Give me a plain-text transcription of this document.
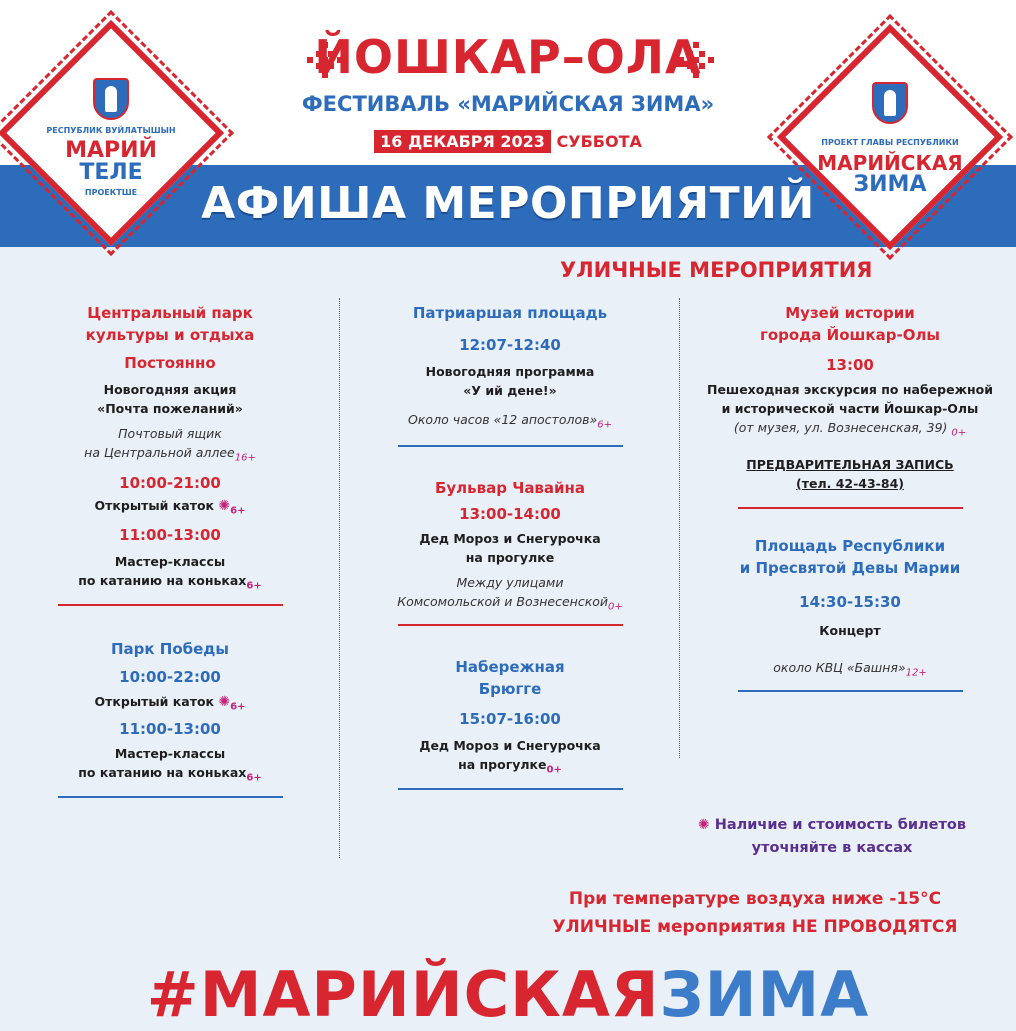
ЙОШКАР–ОЛА
ФЕСТИВАЛЬ «МАРИЙСКАЯ ЗИМА»
16 ДЕКАБРЯ 2023 СУББОТА
АФИША МЕРОПРИЯТИЙ
РЕСПУБЛИК ВУЙЛАТЫШЫН
МАРИЙ
ТЕЛЕ
ПРОЕКТШЕ
ПРОЕКТ ГЛАВЫ РЕСПУБЛИКИ
МАРИЙСКАЯ
ЗИМА
УЛИЧНЫЕ МЕРОПРИЯТИЯ
Центральный парк
культуры и отдыха
Постоянно
Новогодняя акция
«Почта пожеланий»
Почтовый ящик
на Центральной аллее$_{16+}$
10:00-21:00
Открытый каток $✺_{6+}$
11:00-13:00
Мастер-классы
по катанию на коньках$_{6+}$
Парк Победы
10:00-22:00
Открытый каток $✺_{6+}$
11:00-13:00
Мастер-классы
по катанию на коньках$_{6+}$
Патриаршая площадь
12:07-12:40
Новогодняя программа
«У ий дене!»
Около часов «12 $апостолов»_{6+}$
Бульвар Чавайна
13:00-14:00
Дед Мороз и Снегурочка
на прогулке
Между улицами
Комсомольской и Вознесенской$_{0+}$
Набережная
Брюгге
15:07-16:00
Дед Мороз и Снегурочка
на прогулке$_{0+}$
Музей истории
города Йошкар-Олы
13:00
Пешеходная экскурсия по набережной
и исторической части Йошкар-Олы
(от музея, ул. Вознесенская, 39) $_{0+}$
ПРЕДВАРИТЕЛЬНАЯ ЗАПИСЬ
(тел. 42-43-84)
Площадь Республики
и Пресвятой Девы Марии
14:30-15:30
Концерт
около КВЦ «$Башня»_{12+}$
✺ Наличие и стоимость билетов
уточняйте в кассах
При температуре воздуха ниже -15°С
УЛИЧНЫЕ мероприятия НЕ ПРОВОДЯТСЯ
#МАРИЙСКАЯЗИМА
